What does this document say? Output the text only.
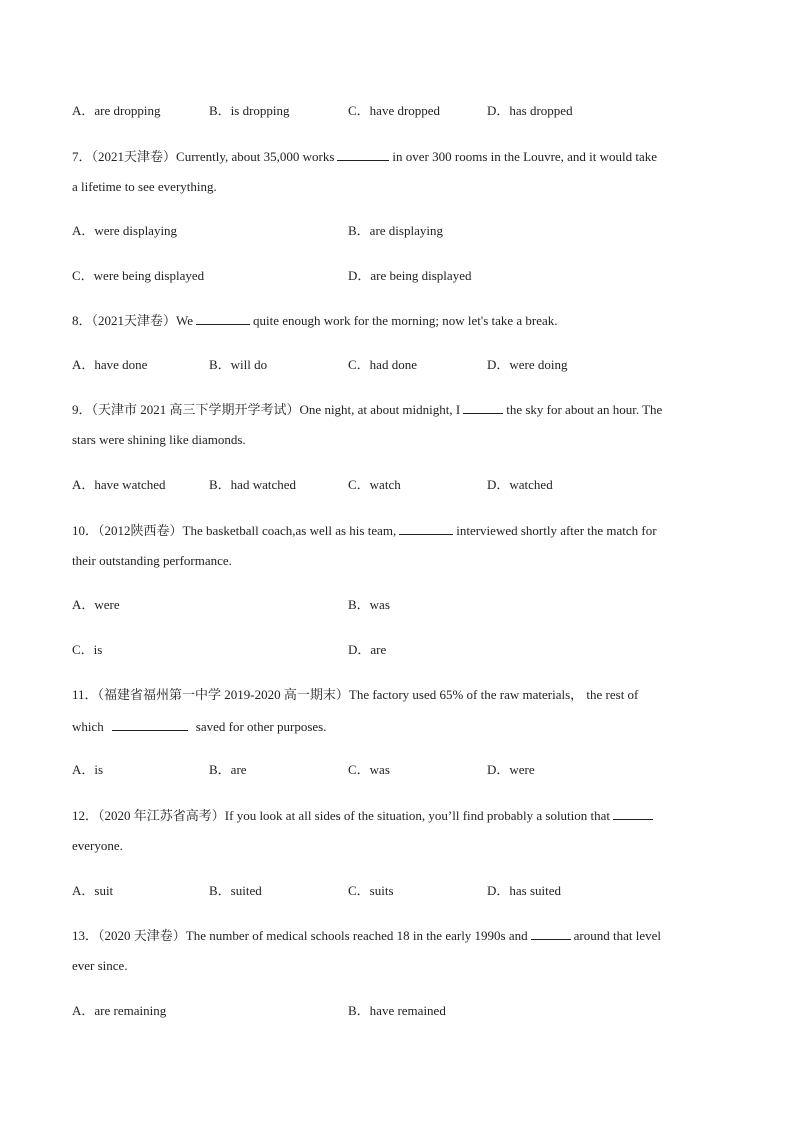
A．are dropping	B．is dropping	C．have dropped	D．has dropped
7．（2021天津卷）Currently, about 35,000 works	in over 300 rooms in the Louvre, and it would take
a lifetime to see everything.
A．were displaying	B．are displaying
C．were being displayed	D．are being displayed
8．（2021天津卷）We	quite enough work for the morning; now let's take a break.
A．have done	B．will do	C．had done	D．were doing
9．（天津市 2021 高三下学期开学考试）One night, at about midnight, I	the sky for about an hour. The
stars were shining like diamonds.
A．have watched	B．had watched	C．watch	D．watched
10．（2012陕西卷）The basketball coach,as well as his team,	interviewed shortly after the match for
their outstanding performance.
A．were	B．was
C．is	D．are
11．（福建省福州第一中学 2019-2020 高一期末）The factory used 65% of the raw materials， the rest of
which	saved for other purposes.
A．is	B．are	C．was	D．were
12．（2020 年江苏省高考）If you look at all sides of the situation, you’ll find probably a solution that
everyone.
A．suit	B．suited	C．suits	D．has suited
13．（2020 天津卷）The number of medical schools reached 18 in the early 1990s and	around that level
ever since.
A．are remaining	B．have remained
